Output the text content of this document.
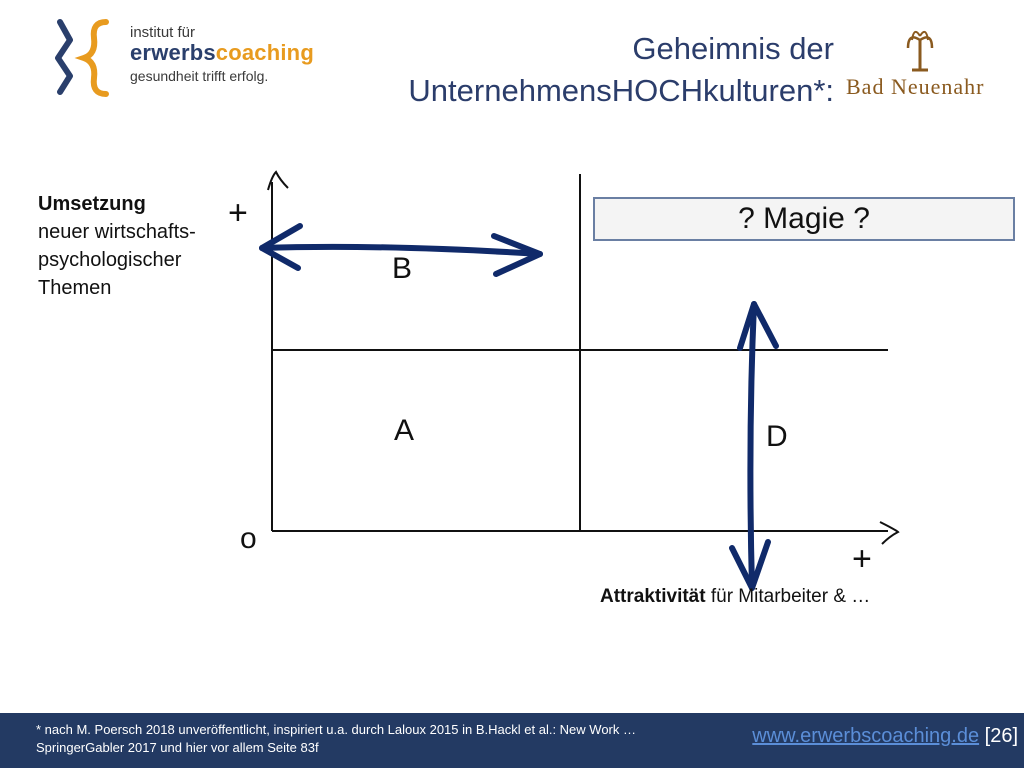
institut für
erwerbscoaching
gesundheit trifft erfolg.
Geheimnis der
UnternehmensHOCHkulturen*: Bad Neuenahr
Umsetzung
neuer wirtschafts-
psychologischer
Themen
+
+
o
B
A	D
? Magie ?
Attraktivität für Mitarbeiter & …
* nach M. Poersch 2018 unveröffentlicht, inspiriert u.a. durch Laloux 2015 in B.Hackl et al.: New Work …
SpringerGabler 2017 und hier vor allem Seite 83f
www.erwerbscoaching.de [26]
